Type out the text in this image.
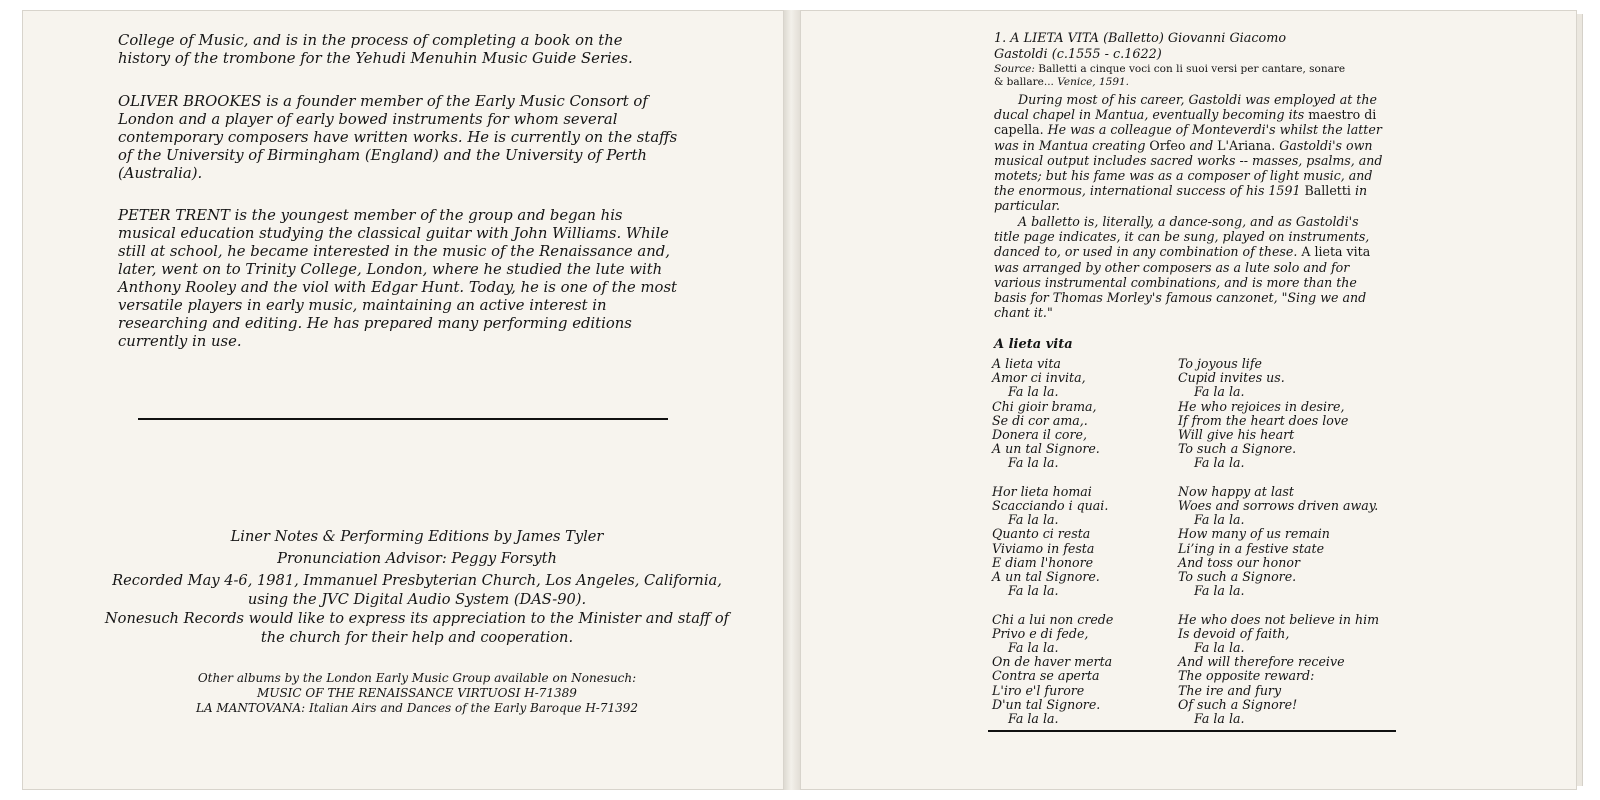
College of Music, and is in the process of completing a book on the history of the trombone for the Yehudi Menuhin Music Guide Series.

OLIVER BROOKES is a founder member of the Early Music Consort of London and a player of early bowed instruments for whom several contemporary composers have written works. He is currently on the staffs of the University of Birmingham (England) and the University of Perth (Australia).

PETER TRENT is the youngest member of the group and began his musical education studying the classical guitar with John Williams. While still at school, he became interested in the music of the Renaissance and, later, went on to Trinity College, London, where he studied the lute with Anthony Rooley and the viol with Edgar Hunt. Today, he is one of the most versatile players in early music, maintaining an active interest in researching and editing. He has prepared many performing editions currently in use.

Liner Notes & Performing Editions by James Tyler

Pronunciation Advisor: Peggy Forsyth

Recorded May 4-6, 1981, Immanuel Presbyterian Church, Los Angeles, California, using the JVC Digital Audio System (DAS-90).

Nonesuch Records would like to express its appreciation to the Minister and staff of the church for their help and cooperation.

Other albums by the London Early Music Group available on Nonesuch:

MUSIC OF THE RENAISSANCE VIRTUOSI H-71389

LA MANTOVANA: Italian Airs and Dances of the Early Baroque H-71392

1. A LIETA VITA (Balletto) Giovanni Giacomo

Gastoldi (c.1555 - c.1622)

Source: Balletti a cinque voci con li suoi versi per cantare, sonare
& ballare... Venice, 1591.

During most of his career, Gastoldi was employed at the ducal chapel in Mantua, eventually becoming its maestro di capella. He was a colleague of Monteverdi's whilst the latter was in Mantua creating Orfeo and L'Ariana. Gastoldi's own musical output includes sacred works -- masses, psalms, and motets; but his fame was as a composer of light music, and the enormous, international success of his 1591 Balletti in particular.

A balletto is, literally, a dance-song, and as Gastoldi's title page indicates, it can be sung, played on instruments, danced to, or used in any combination of these. A lieta vita was arranged by other composers as a lute solo and for various instrumental combinations, and is more than the basis for Thomas Morley's famous canzonet, "Sing we and chant it."

A lieta vita

A lieta vita
Amor ci invita,
Fa la la.
Chi gioir brama,
Se di cor ama,.
Donera il core,
A un tal Signore.
Fa la la.

Hor lieta homai
Scacciando i quai.
Fa la la.
Quanto ci resta
Viviamo in festa
E diam l'honore
A un tal Signore.
Fa la la.

Chi a lui non crede
Privo e di fede,
Fa la la.
On de haver merta
Contra se aperta
L'iro e'l furore
D'un tal Signore.
Fa la la.

To joyous life
Cupid invites us.
Fa la la.
He who rejoices in desire,
If from the heart does love
Will give his heart
To such a Signore.
Fa la la.

Now happy at last
Woes and sorrows driven away.
Fa la la.
How many of us remain
Li’ing in a festive state
And toss our honor
To such a Signore.
Fa la la.

He who does not believe in him
Is devoid of faith,
Fa la la.
And will therefore receive
The opposite reward:
The ire and fury
Of such a Signore!
Fa la la.
